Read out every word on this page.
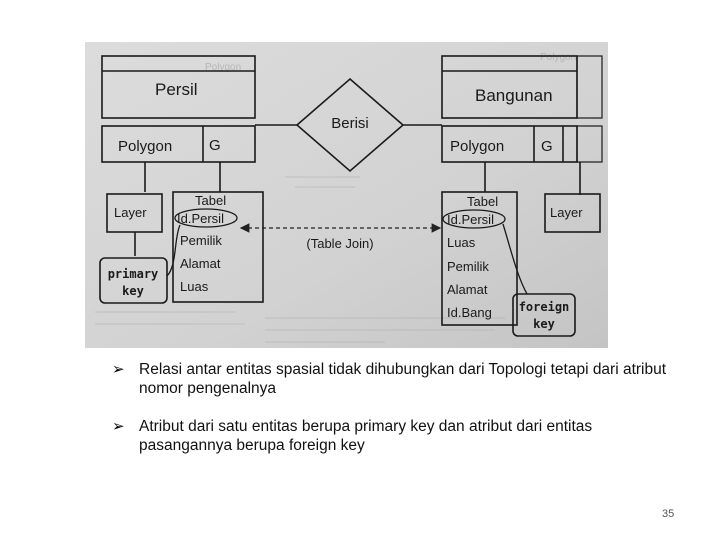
Polygon
Polygon
Persil	Bangunan
Berisi
Polygon G	Polygon G
Layer	Layer
Tabel
Id.Persil
Pemilik
Alamat
Luas
Tabel
Id.Persil
Luas
Pemilik
Alamat
Id.Bang
(Table Join)
primary
key
foreign
key
➢ Relasi antar entitas spasial tidak dihubungkan dari Topologi tetapi dari atribut nomor pengenalnya
➢ Atribut dari satu entitas berupa primary key dan atribut dari entitas pasangannya berupa foreign key
35
